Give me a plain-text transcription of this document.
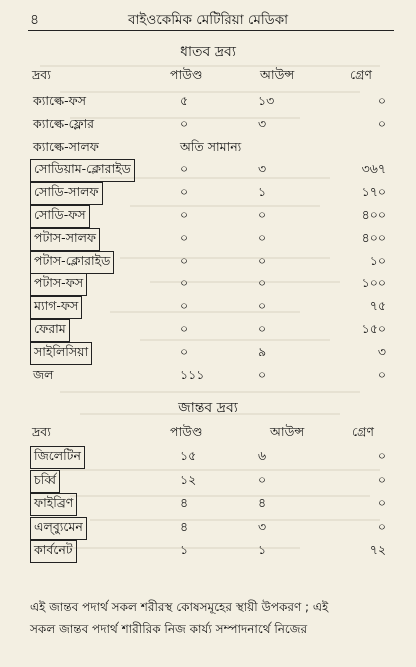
৪	বাইওকেমিক মেটিরিয়া মেডিকা
ধাতব দ্রব্য
দ্রব্য	পাউণ্ড	আউন্স	গ্রেণ
ক্যাল্কে-ফস	৫	১৩	০
ক্যাল্কে-ফ্লোর	০	৩	০
ক্যাল্কে-সালফ	অতি সামান্য
সোডিয়াম-ক্লোরাইড	০	৩	৩৬৭
সোডি-সালফ	০	১	১৭০
সোডি-ফস	০	০	৪০০
পটাস-সালফ	০	০	৪০০
পটাস-ক্লোরাইড	০	০	১০
পটাস-ফস	০	০	১০০
ম্যাগ-ফস	০	০	৭৫
ফেরাম	০	০	১৫০
সাইলিসিয়া	০	৯	৩
জল	১১১	০	০
জান্তব দ্রব্য
দ্রব্য	পাউণ্ড	আউন্স	গ্রেণ
জিলেটিন	১৫	৬	০
চর্ব্বি	১২	০	০
ফাইব্রিণ	৪	৪	০
এল্‌ব্যুমেন	৪	৩	০
কার্বনেট	১	১	৭২
এই জান্তব পদার্থ সকল শরীরস্থ কোষসমূহের স্থায়ী উপকরণ ; এই
সকল জান্তব পদার্থ শারীরিক নিজ কার্য্য সম্পাদনার্থে নিজের
